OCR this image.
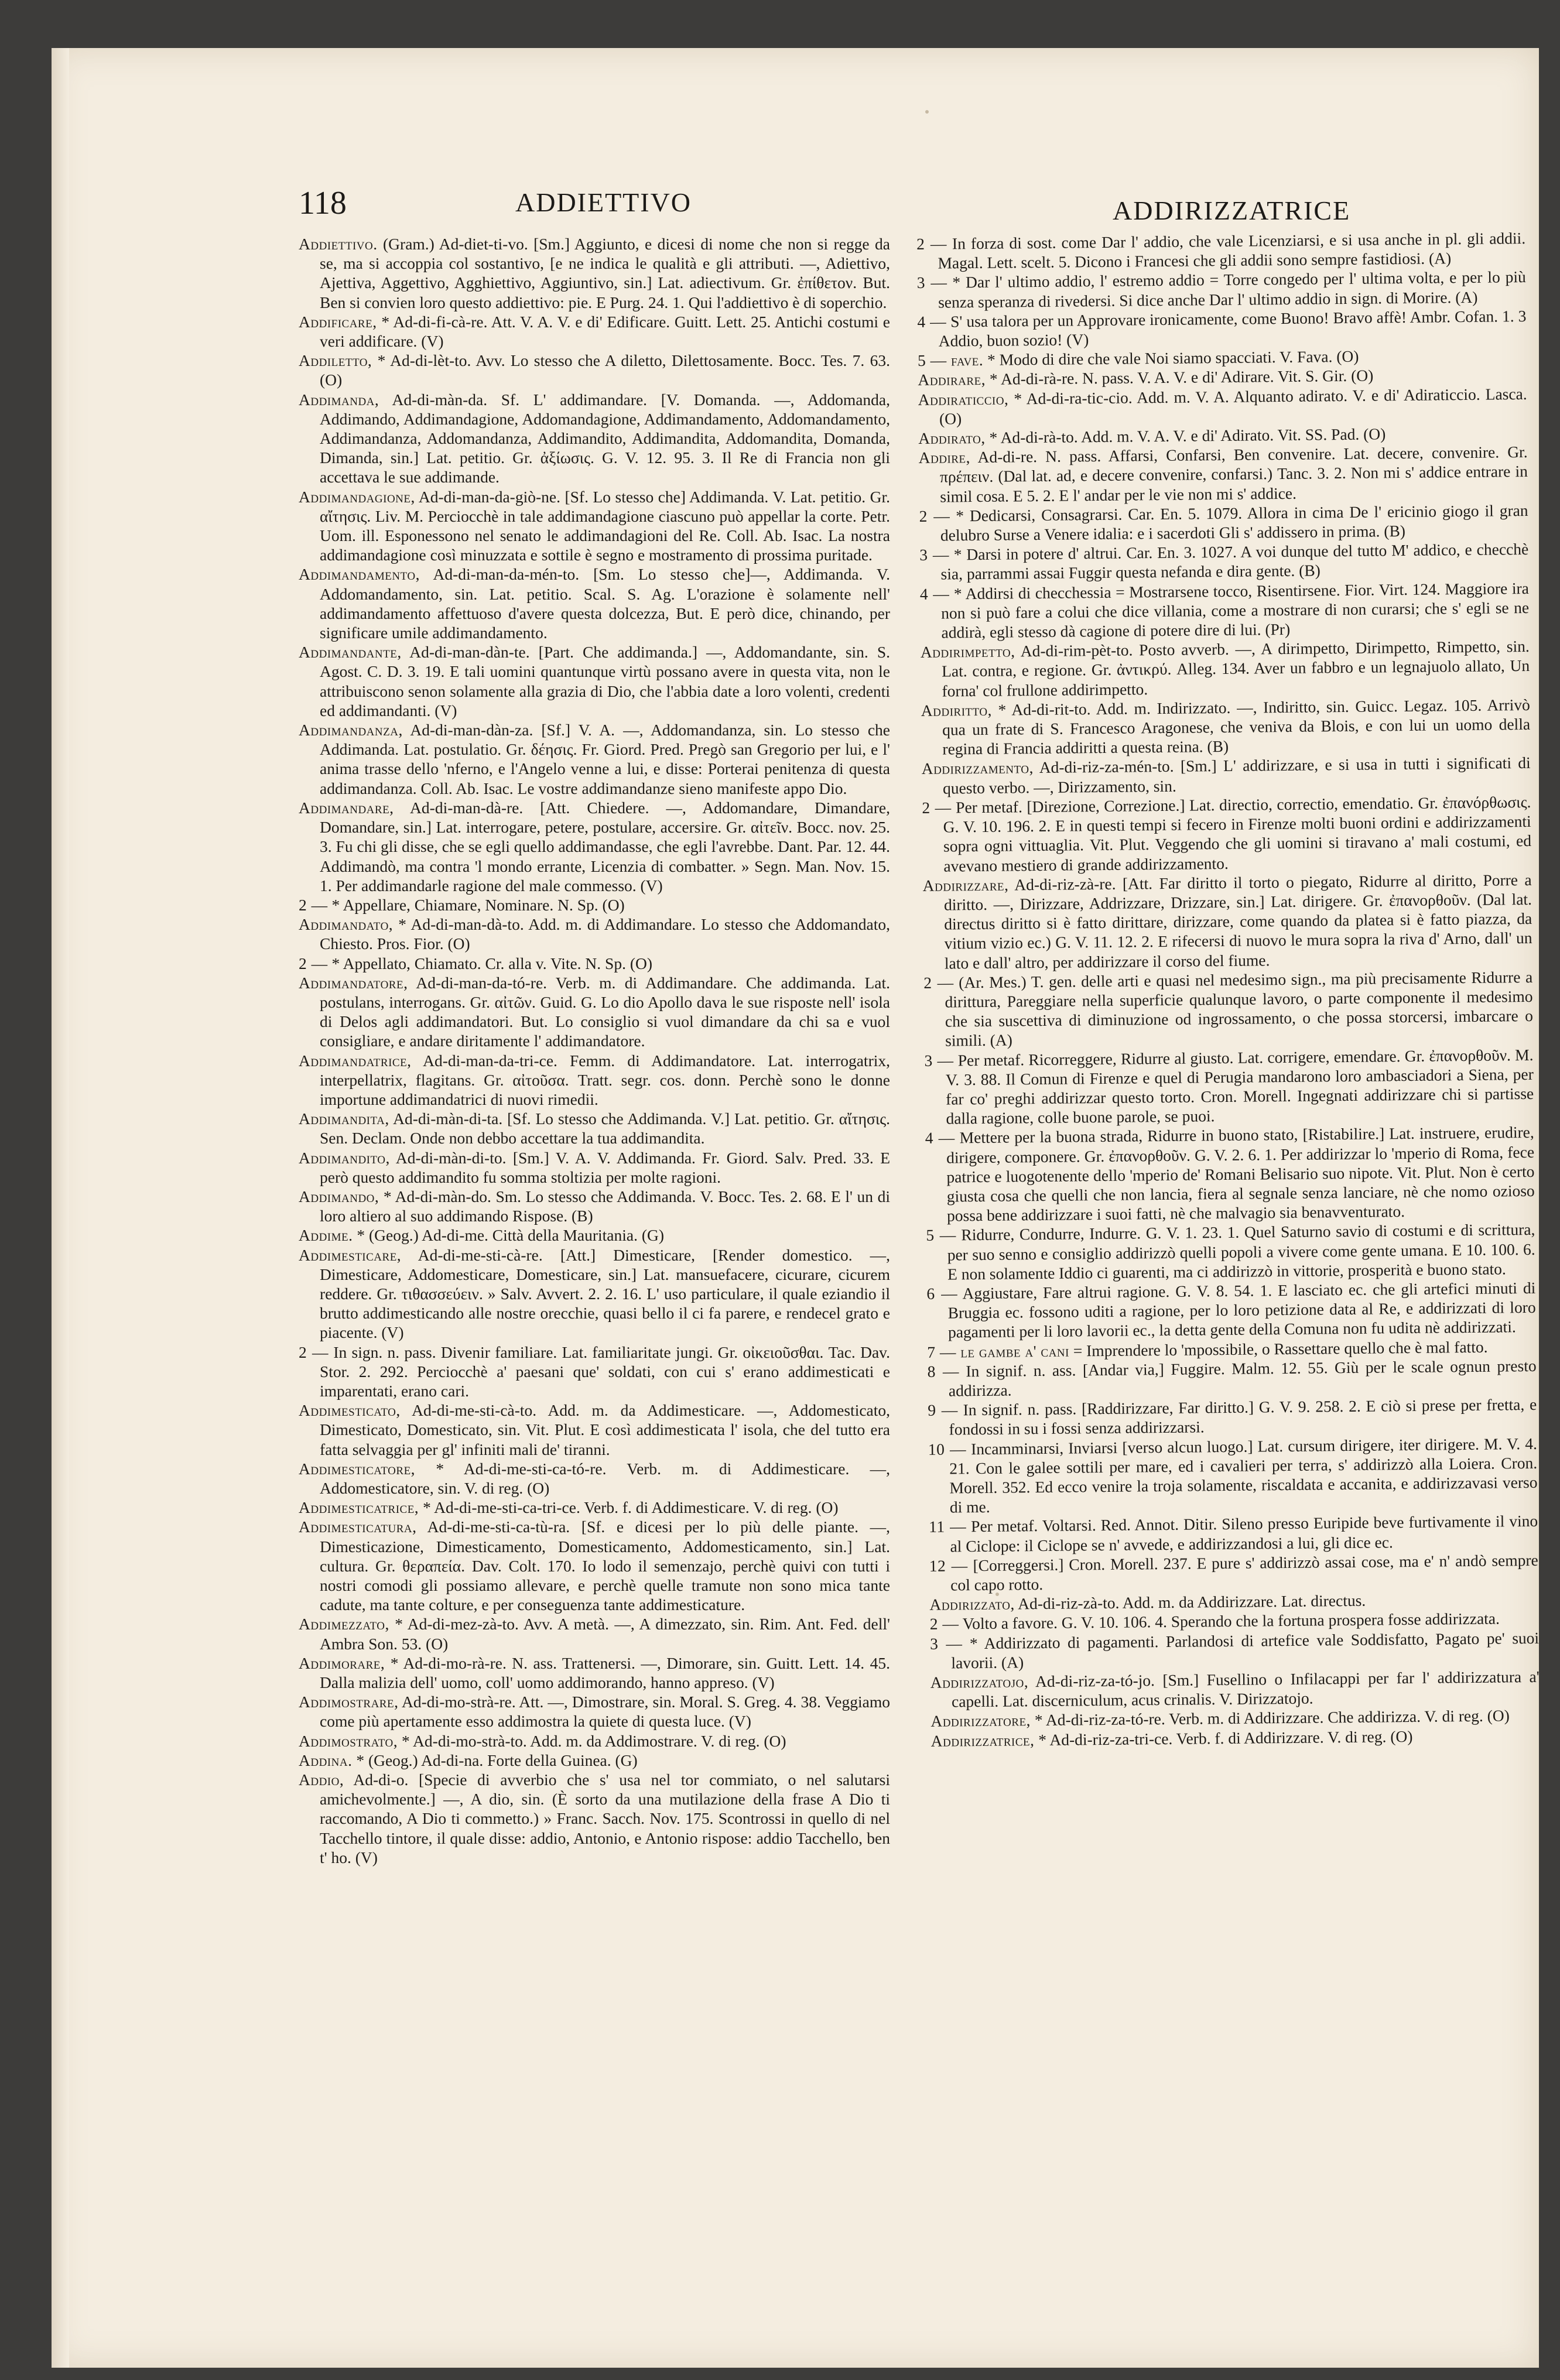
118	ADDIETTIVO	ADDIRIZZATRICE

Addiettivo. (Gram.) Ad-diet-ti-vo. [Sm.] Aggiunto, e dicesi di nome che non si regge da se, ma si accoppia col sostantivo, [e ne indica le qualità e gli attributi. —, Adiettivo, Ajettiva, Aggettivo, Agghiettivo, Aggiuntivo, sin.] Lat. adiectivum. Gr. ἐπίθετον. But. Ben si convien loro questo addiettivo: pie. E Purg. 24. 1. Qui l'addiettivo è di soperchio.

Addificare, * Ad-di-fi-cà-re. Att. V. A. V. e di' Edificare. Guitt. Lett. 25. Antichi costumi e veri addificare. (V)

Addiletto, * Ad-di-lèt-to. Avv. Lo stesso che A diletto, Dilettosamente. Bocc. Tes. 7. 63. (O)

Addimanda, Ad-di-màn-da. Sf. L' addimandare. [V. Domanda. —, Addomanda, Addimando, Addimandagione, Addomandagione, Addimandamento, Addomandamento, Addimandanza, Addomandanza, Addimandito, Addimandita, Addomandita, Domanda, Dimanda, sin.] Lat. petitio. Gr. ἀξίωσις. G. V. 12. 95. 3. Il Re di Francia non gli accettava le sue addimande.

Addimandagione, Ad-di-man-da-giò-ne. [Sf. Lo stesso che] Addimanda. V. Lat. petitio. Gr. αἴτησις. Liv. M. Perciocchè in tale addimandagione ciascuno può appellar la corte. Petr. Uom. ill. Esponessono nel senato le addimandagioni del Re. Coll. Ab. Isac. La nostra addimandagione così minuzzata e sottile è segno e mostramento di prossima puritade.

Addimandamento, Ad-di-man-da-mén-to. [Sm. Lo stesso che]—, Addimanda. V. Addomandamento, sin. Lat. petitio. Scal. S. Ag. L'orazione è solamente nell' addimandamento affettuoso d'avere questa dolcezza, But. E però dice, chinando, per significare umile addimandamento.

Addimandante, Ad-di-man-dàn-te. [Part. Che addimanda.] —, Addomandante, sin. S. Agost. C. D. 3. 19. E tali uomini quantunque virtù possano avere in questa vita, non le attribuiscono senon solamente alla grazia di Dio, che l'abbia date a loro volenti, credenti ed addimandanti. (V)

Addimandanza, Ad-di-man-dàn-za. [Sf.] V. A. —, Addomandanza, sin. Lo stesso che Addimanda. Lat. postulatio. Gr. δέησις. Fr. Giord. Pred. Pregò san Gregorio per lui, e l' anima trasse dello 'nferno, e l'Angelo venne a lui, e disse: Porterai penitenza di questa addimandanza. Coll. Ab. Isac. Le vostre addimandanze sieno manifeste appo Dio.

Addimandare, Ad-di-man-dà-re. [Att. Chiedere. —, Addomandare, Dimandare, Domandare, sin.] Lat. interrogare, petere, postulare, accersire. Gr. αἰτεῖν. Bocc. nov. 25. 3. Fu chi gli disse, che se egli quello addimandasse, che egli l'avrebbe. Dant. Par. 12. 44. Addimandò, ma contra 'l mondo errante, Licenzia di combatter. » Segn. Man. Nov. 15. 1. Per addimandarle ragione del male commesso. (V)

2 — * Appellare, Chiamare, Nominare. N. Sp. (O)

Addimandato, * Ad-di-man-dà-to. Add. m. di Addimandare. Lo stesso che Addomandato, Chiesto. Pros. Fior. (O)

2 — * Appellato, Chiamato. Cr. alla v. Vite. N. Sp. (O)

Addimandatore, Ad-di-man-da-tó-re. Verb. m. di Addimandare. Che addimanda. Lat. postulans, interrogans. Gr. αἰτῶν. Guid. G. Lo dio Apollo dava le sue risposte nell' isola di Delos agli addimandatori. But. Lo consiglio si vuol dimandare da chi sa e vuol consigliare, e andare diritamente l' addimandatore.

Addimandatrice, Ad-di-man-da-tri-ce. Femm. di Addimandatore. Lat. interrogatrix, interpellatrix, flagitans. Gr. αἰτοῦσα. Tratt. segr. cos. donn. Perchè sono le donne importune addimandatrici di nuovi rimedii.

Addimandita, Ad-di-màn-di-ta. [Sf. Lo stesso che Addimanda. V.] Lat. petitio. Gr. αἴτησις. Sen. Declam. Onde non debbo accettare la tua addimandita.

Addimandito, Ad-di-màn-di-to. [Sm.] V. A. V. Addimanda. Fr. Giord. Salv. Pred. 33. E però questo addimandito fu somma stoltizia per molte ragioni.

Addimando, * Ad-di-màn-do. Sm. Lo stesso che Addimanda. V. Bocc. Tes. 2. 68. E l' un di loro altiero al suo addimando Rispose. (B)

Addime. * (Geog.) Ad-di-me. Città della Mauritania. (G)

Addimesticare, Ad-di-me-sti-cà-re. [Att.] Dimesticare, [Render domestico. —, Dimesticare, Addomesticare, Domesticare, sin.] Lat. mansuefacere, cicurare, cicurem reddere. Gr. τιθασσεύειν. » Salv. Avvert. 2. 2. 16. L' uso particulare, il quale eziandio il brutto addimesticando alle nostre orecchie, quasi bello il ci fa parere, e rendecel grato e piacente. (V)

2 — In sign. n. pass. Divenir familiare. Lat. familiaritate jungi. Gr. οἰκειοῦσθαι. Tac. Dav. Stor. 2. 292. Perciocchè a' paesani que' soldati, con cui s' erano addimesticati e imparentati, erano cari.

Addimesticato, Ad-di-me-sti-cà-to. Add. m. da Addimesticare. —, Addomesticato, Dimesticato, Domesticato, sin. Vit. Plut. E così addimesticata l' isola, che del tutto era fatta selvaggia per gl' infiniti mali de' tiranni.

Addimesticatore, * Ad-di-me-sti-ca-tó-re. Verb. m. di Addimesticare. —, Addomesticatore, sin. V. di reg. (O)

Addimesticatrice, * Ad-di-me-sti-ca-tri-ce. Verb. f. di Addimesticare. V. di reg. (O)

Addimesticatura, Ad-di-me-sti-ca-tù-ra. [Sf. e dicesi per lo più delle piante. —, Dimesticazione, Dimesticamento, Domesticamento, Addomesticamento, sin.] Lat. cultura. Gr. θεραπεία. Dav. Colt. 170. Io lodo il semenzajo, perchè quivi con tutti i nostri comodi gli possiamo allevare, e perchè quelle tramute non sono mica tante cadute, ma tante colture, e per conseguenza tante addimesticature.

Addimezzato, * Ad-di-mez-zà-to. Avv. A metà. —, A dimezzato, sin. Rim. Ant. Fed. dell' Ambra Son. 53. (O)

Addimorare, * Ad-di-mo-rà-re. N. ass. Trattenersi. —, Dimorare, sin. Guitt. Lett. 14. 45. Dalla malizia dell' uomo, coll' uomo addimorando, hanno appreso. (V)

Addimostrare, Ad-di-mo-strà-re. Att. —, Dimostrare, sin. Moral. S. Greg. 4. 38. Veggiamo come più apertamente esso addimostra la quiete di questa luce. (V)

Addimostrato, * Ad-di-mo-strà-to. Add. m. da Addimostrare. V. di reg. (O)

Addina. * (Geog.) Ad-di-na. Forte della Guinea. (G)

Addio, Ad-di-o. [Specie di avverbio che s' usa nel tor commiato, o nel salutarsi amichevolmente.] —, A dio, sin. (È sorto da una mutilazione della frase A Dio ti raccomando, A Dio ti commetto.) » Franc. Sacch. Nov. 175. Scontrossi in quello di nel Tacchello tintore, il quale disse: addio, Antonio, e Antonio rispose: addio Tacchello, ben t' ho. (V)

2 — In forza di sost. come Dar l' addio, che vale Licenziarsi, e si usa anche in pl. gli addii. Magal. Lett. scelt. 5. Dicono i Francesi che gli addii sono sempre fastidiosi. (A)

3 — * Dar l' ultimo addio, l' estremo addio = Torre congedo per l' ultima volta, e per lo più senza speranza di rivedersi. Si dice anche Dar l' ultimo addio in sign. di Morire. (A)

4 — S' usa talora per un Approvare ironicamente, come Buono! Bravo affè! Ambr. Cofan. 1. 3 Addio, buon sozio! (V)

5 — fave. * Modo di dire che vale Noi siamo spacciati. V. Fava. (O)

Addirare, * Ad-di-rà-re. N. pass. V. A. V. e di' Adirare. Vit. S. Gir. (O)

Addiraticcio, * Ad-di-ra-tic-cio. Add. m. V. A. Alquanto adirato. V. e di' Adiraticcio. Lasca. (O)

Addirato, * Ad-di-rà-to. Add. m. V. A. V. e di' Adirato. Vit. SS. Pad. (O)

Addire, Ad-di-re. N. pass. Affarsi, Confarsi, Ben convenire. Lat. decere, convenire. Gr. πρέπειν. (Dal lat. ad, e decere convenire, confarsi.) Tanc. 3. 2. Non mi s' addice entrare in simil cosa. E 5. 2. E l' andar per le vie non mi s' addice.

2 — * Dedicarsi, Consagrarsi. Car. En. 5. 1079. Allora in cima De l' ericinio giogo il gran delubro Surse a Venere idalia: e i sacerdoti Gli s' addissero in prima. (B)

3 — * Darsi in potere d' altrui. Car. En. 3. 1027. A voi dunque del tutto M' addico, e checchè sia, parrammi assai Fuggir questa nefanda e dira gente. (B)

4 — * Addirsi di checchessia = Mostrarsene tocco, Risentirsene. Fior. Virt. 124. Maggiore ira non si può fare a colui che dice villania, come a mostrare di non curarsi; che s' egli se ne addirà, egli stesso dà cagione di potere dire di lui. (Pr)

Addirimpetto, Ad-di-rim-pèt-to. Posto avverb. —, A dirimpetto, Dirimpetto, Rimpetto, sin. Lat. contra, e regione. Gr. ἀντικρύ. Alleg. 134. Aver un fabbro e un legnajuolo allato, Un forna' col frullone addirimpetto.

Addiritto, * Ad-di-rit-to. Add. m. Indirizzato. —, Indiritto, sin. Guicc. Legaz. 105. Arrivò qua un frate di S. Francesco Aragonese, che veniva da Blois, e con lui un uomo della regina di Francia addiritti a questa reina. (B)

Addirizzamento, Ad-di-riz-za-mén-to. [Sm.] L' addirizzare, e si usa in tutti i significati di questo verbo. —, Dirizzamento, sin.

2 — Per metaf. [Direzione, Correzione.] Lat. directio, correctio, emendatio. Gr. ἐπανόρθωσις. G. V. 10. 196. 2. E in questi tempi si fecero in Firenze molti buoni ordini e addirizzamenti sopra ogni vittuaglia. Vit. Plut. Veggendo che gli uomini si tiravano a' mali costumi, ed avevano mestiero di grande addirizzamento.

Addirizzare, Ad-di-riz-zà-re. [Att. Far diritto il torto o piegato, Ridurre al diritto, Porre a diritto. —, Dirizzare, Addrizzare, Drizzare, sin.] Lat. dirigere. Gr. ἐπανορθοῦν. (Dal lat. directus diritto si è fatto dirittare, dirizzare, come quando da platea si è fatto piazza, da vitium vizio ec.) G. V. 11. 12. 2. E rifecersi di nuovo le mura sopra la riva d' Arno, dall' un lato e dall' altro, per addirizzare il corso del fiume.

2 — (Ar. Mes.) T. gen. delle arti e quasi nel medesimo sign., ma più precisamente Ridurre a dirittura, Pareggiare nella superficie qualunque lavoro, o parte componente il medesimo che sia suscettiva di diminuzione od ingrossamento, o che possa storcersi, imbarcare o simili. (A)

3 — Per metaf. Ricorreggere, Ridurre al giusto. Lat. corrigere, emendare. Gr. ἐπανορθοῦν. M. V. 3. 88. Il Comun di Firenze e quel di Perugia mandarono loro ambasciadori a Siena, per far co' preghi addirizzar questo torto. Cron. Morell. Ingegnati addirizzare chi si partisse dalla ragione, colle buone parole, se puoi.

4 — Mettere per la buona strada, Ridurre in buono stato, [Ristabilire.] Lat. instruere, erudire, dirigere, componere. Gr. ἐπανορθοῦν. G. V. 2. 6. 1. Per addirizzar lo 'mperio di Roma, fece patrice e luogotenente dello 'mperio de' Romani Belisario suo nipote. Vit. Plut. Non è certo giusta cosa che quelli che non lancia, fiera al segnale senza lanciare, nè che nomo ozioso possa bene addirizzare i suoi fatti, nè che malvagio sia benavventurato.

5 — Ridurre, Condurre, Indurre. G. V. 1. 23. 1. Quel Saturno savio di costumi e di scrittura, per suo senno e consiglio addirizzò quelli popoli a vivere come gente umana. E 10. 100. 6. E non solamente Iddio ci guarenti, ma ci addirizzò in vittorie, prosperità e buono stato.

6 — Aggiustare, Fare altrui ragione. G. V. 8. 54. 1. E lasciato ec. che gli artefici minuti di Bruggia ec. fossono uditi a ragione, per lo loro petizione data al Re, e addirizzati di loro pagamenti per li loro lavorii ec., la detta gente della Comuna non fu udita nè addirizzati.

7 — le gambe a' cani = Imprendere lo 'mpossibile, o Rassettare quello che è mal fatto.

8 — In signif. n. ass. [Andar via,] Fuggire. Malm. 12. 55. Giù per le scale ognun presto addirizza.

9 — In signif. n. pass. [Raddirizzare, Far diritto.] G. V. 9. 258. 2. E ciò si prese per fretta, e fondossi in su i fossi senza addirizzarsi.

10 — Incamminarsi, Inviarsi [verso alcun luogo.] Lat. cursum dirigere, iter dirigere. M. V. 4. 21. Con le galee sottili per mare, ed i cavalieri per terra, s' addirizzò alla Loiera. Cron. Morell. 352. Ed ecco venire la troja solamente, riscaldata e accanita, e addirizzavasi verso di me.

11 — Per metaf. Voltarsi. Red. Annot. Ditir. Sileno presso Euripide beve furtivamente il vino al Ciclope: il Ciclope se n' avvede, e addirizzandosi a lui, gli dice ec.

12 — [Correggersi.] Cron. Morell. 237. E pure s' addirizzò assai cose, ma e' n' andò sempre col capo rotto.

Addirizzato, Ad-di-riz-zà-to. Add. m. da Addirizzare. Lat. directus.

2 — Volto a favore. G. V. 10. 106. 4. Sperando che la fortuna prospera fosse addirizzata.

3 — * Addirizzato di pagamenti. Parlandosi di artefice vale Soddisfatto, Pagato pe' suoi lavorii. (A)

Addirizzatojo, Ad-di-riz-za-tó-jo. [Sm.] Fusellino o Infilacappi per far l' addirizzatura a' capelli. Lat. discerniculum, acus crinalis. V. Dirizzatojo.

Addirizzatore, * Ad-di-riz-za-tó-re. Verb. m. di Addirizzare. Che addirizza. V. di reg. (O)

Addirizzatrice, * Ad-di-riz-za-tri-ce. Verb. f. di Addirizzare. V. di reg. (O)
